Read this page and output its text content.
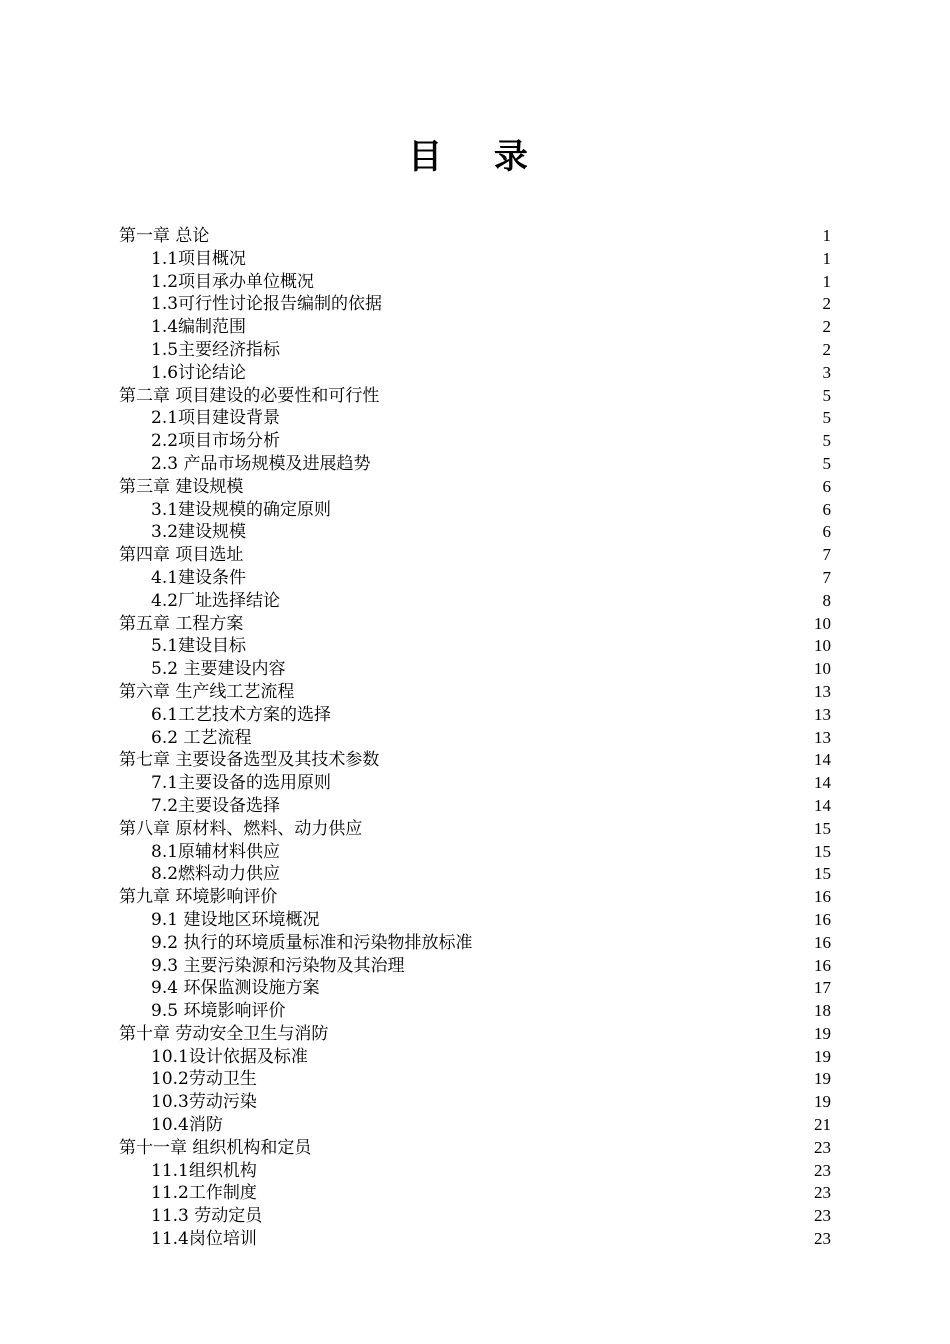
目 录
第一章 总论	1
1.1项目概况	1
1.2项目承办单位概况	1
1.3可行性讨论报告编制的依据	2
1.4编制范围	2
1.5主要经济指标	2
1.6讨论结论	3
第二章 项目建设的必要性和可行性	5
2.1项目建设背景	5
2.2项目市场分析	5
2.3 产品市场规模及进展趋势	5
第三章 建设规模	6
3.1建设规模的确定原则	6
3.2建设规模	6
第四章 项目选址	7
4.1建设条件	7
4.2厂址选择结论	8
第五章 工程方案	10
5.1建设目标	10
5.2 主要建设内容	10
第六章 生产线工艺流程	13
6.1工艺技术方案的选择	13
6.2 工艺流程	13
第七章 主要设备选型及其技术参数	14
7.1主要设备的选用原则	14
7.2主要设备选择	14
第八章 原材料、燃料、动力供应	15
8.1原辅材料供应	15
8.2燃料动力供应	15
第九章 环境影响评价	16
9.1 建设地区环境概况	16
9.2 执行的环境质量标准和污染物排放标准	16
9.3 主要污染源和污染物及其治理	16
9.4 环保监测设施方案	17
9.5 环境影响评价	18
第十章 劳动安全卫生与消防	19
10.1设计依据及标准	19
10.2劳动卫生	19
10.3劳动污染	19
10.4消防	21
第十一章 组织机构和定员	23
11.1组织机构	23
11.2工作制度	23
11.3 劳动定员	23
11.4岗位培训	23
